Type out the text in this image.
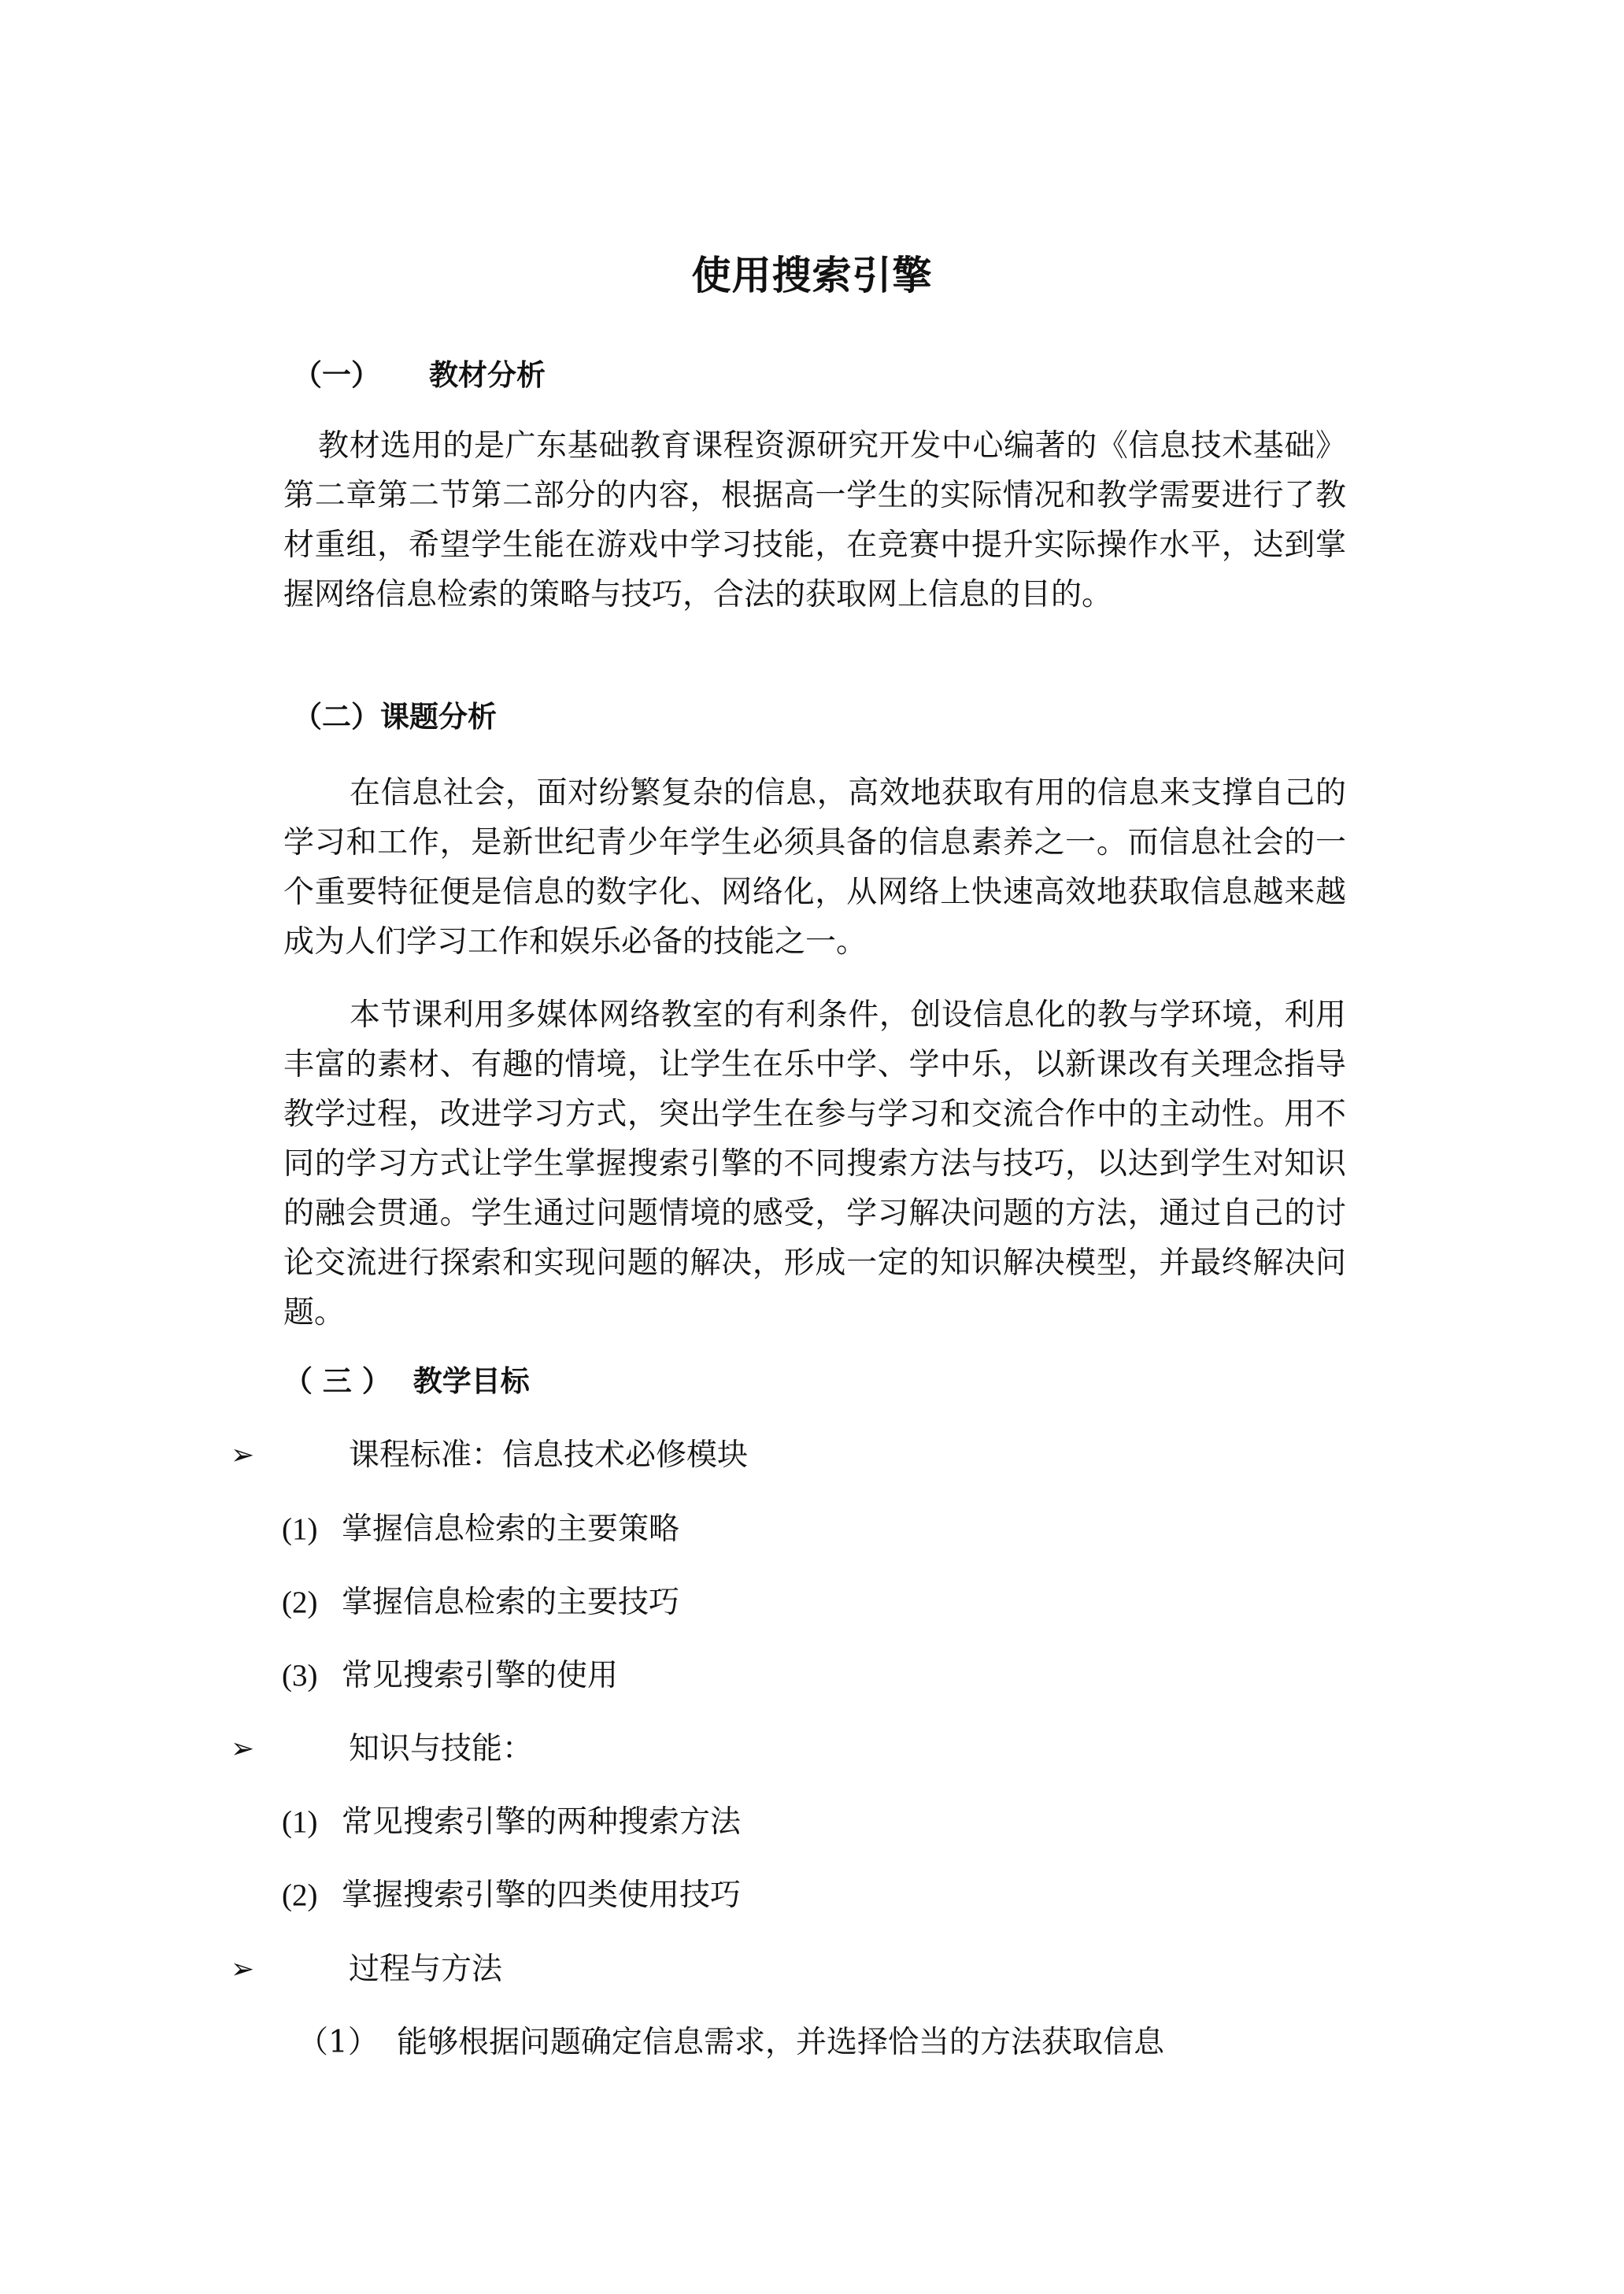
使用搜索引擎
（一） 教材分析

教材选用的是广东基础教育课程资源研究开发中心编著的《信息技术基础》第二章第二节第二部分的内容，根据高一学生的实际情况和教学需要进行了教材重组，希望学生能在游戏中学习技能，在竞赛中提升实际操作水平，达到掌握网络信息检索的策略与技巧，合法的获取网上信息的目的。

（二）课题分析

在信息社会，面对纷繁复杂的信息，高效地获取有用的信息来支撑自己的学习和工作，是新世纪青少年学生必须具备的信息素养之一。而信息社会的一个重要特征便是信息的数字化、网络化，从网络上快速高效地获取信息越来越成为人们学习工作和娱乐必备的技能之一。

本节课利用多媒体网络教室的有利条件，创设信息化的教与学环境，利用丰富的素材、有趣的情境，让学生在乐中学、学中乐，以新课改有关理念指导教学过程，改进学习方式，突出学生在参与学习和交流合作中的主动性。用不同的学习方式让学生掌握搜索引擎的不同搜索方法与技巧，以达到学生对知识的融会贯通。学生通过问题情境的感受，学习解决问题的方法，通过自己的讨论交流进行探索和实现问题的解决，形成一定的知识解决模型，并最终解决问题。

（ 三 ） 教学目标
➢	课程标准：信息技术必修模块
(1) 掌握信息检索的主要策略
(2) 掌握信息检索的主要技巧
(3) 常见搜索引擎的使用
➢	知识与技能：
(1) 常见搜索引擎的两种搜索方法
(2) 掌握搜索引擎的四类使用技巧
➢	过程与方法
（1） 能够根据问题确定信息需求，并选择恰当的方法获取信息
